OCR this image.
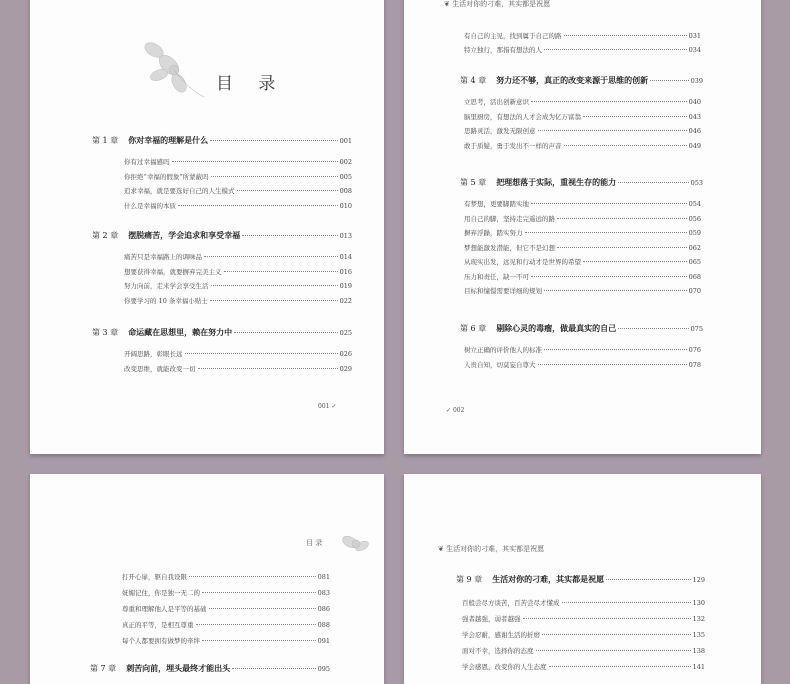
目 录
第 1 章 你对幸福的理解是什么	001
你有过幸福感吗	002
你拒绝“幸福的假象”所蒙蔽吗	005
追求幸福，就是要选好自己的人生模式	008
什么是幸福的本质	010
第 2 章 摆脱痛苦，学会追求和享受幸福	013
痛苦只是幸福路上的调味品	014
想要获得幸福，就要摒弃完美主义	016
努力向前，走来学会享受生活	019
你要学习的 10 条幸福小贴士	022
第 3 章 命运藏在思想里，赖在努力中	025
开阔思路，彰眼长远	026
改变思维，就能改变一切	029
001 ✓
❦ 生活对你的刁难，其实都是祝愿
有自己的主见，找到属于自己的路	031
特立独行，那指有想法的人	034
第 4 章 努力还不够，真正的改变来源于思维的创新	039
立思考，活出创新意识	040
脑里厨房，有想法的人才会成为亿万富翁	043
思路灵活，激发无限创意	046
敢于质疑，勇于发出不一样的声音	049
第 5 章 把理想落于实际，重视生存的能力	053
有梦想，更要脚踏实地	054
用自己的脚，坚持走完遥远的路	056
摒弃浮躁，踏实努力	059
梦想能激发潜能，但它不是幻想	062
从现实出发，远见和行动才是世界的希望	065
压力和责任，缺一不可	068
目标和憧憬需要详细的规划	070
第 6 章 剔除心灵的毒瘤，做最真实的自己	075
树立正确的评价他人的标准	076
人贵自知，切莫妄自尊大	078
✓ 002
目 录
打开心扉，驱自我设限	081
妩媚记住，你是独一无二的	083
尊重和理解他人是平等的基础	086
真正的平等，是相互尊重	088
每个人都要拥有做梦的牵绊	091
第 7 章 刺苦向前，埋头最终才能出头	095
❦ 生活对你的刁难，其实都是祝愿
第 9 章 生活对你的刁难，其实都是祝愿	129
百般尝尽方谈苦，百苦尝尽才懂成	130
强者越强，弱者越强	132
学会忍耐，感谢生活的折磨	135
面对不幸，选择你的态度	138
学会感恩，改变你的人生态度	141
